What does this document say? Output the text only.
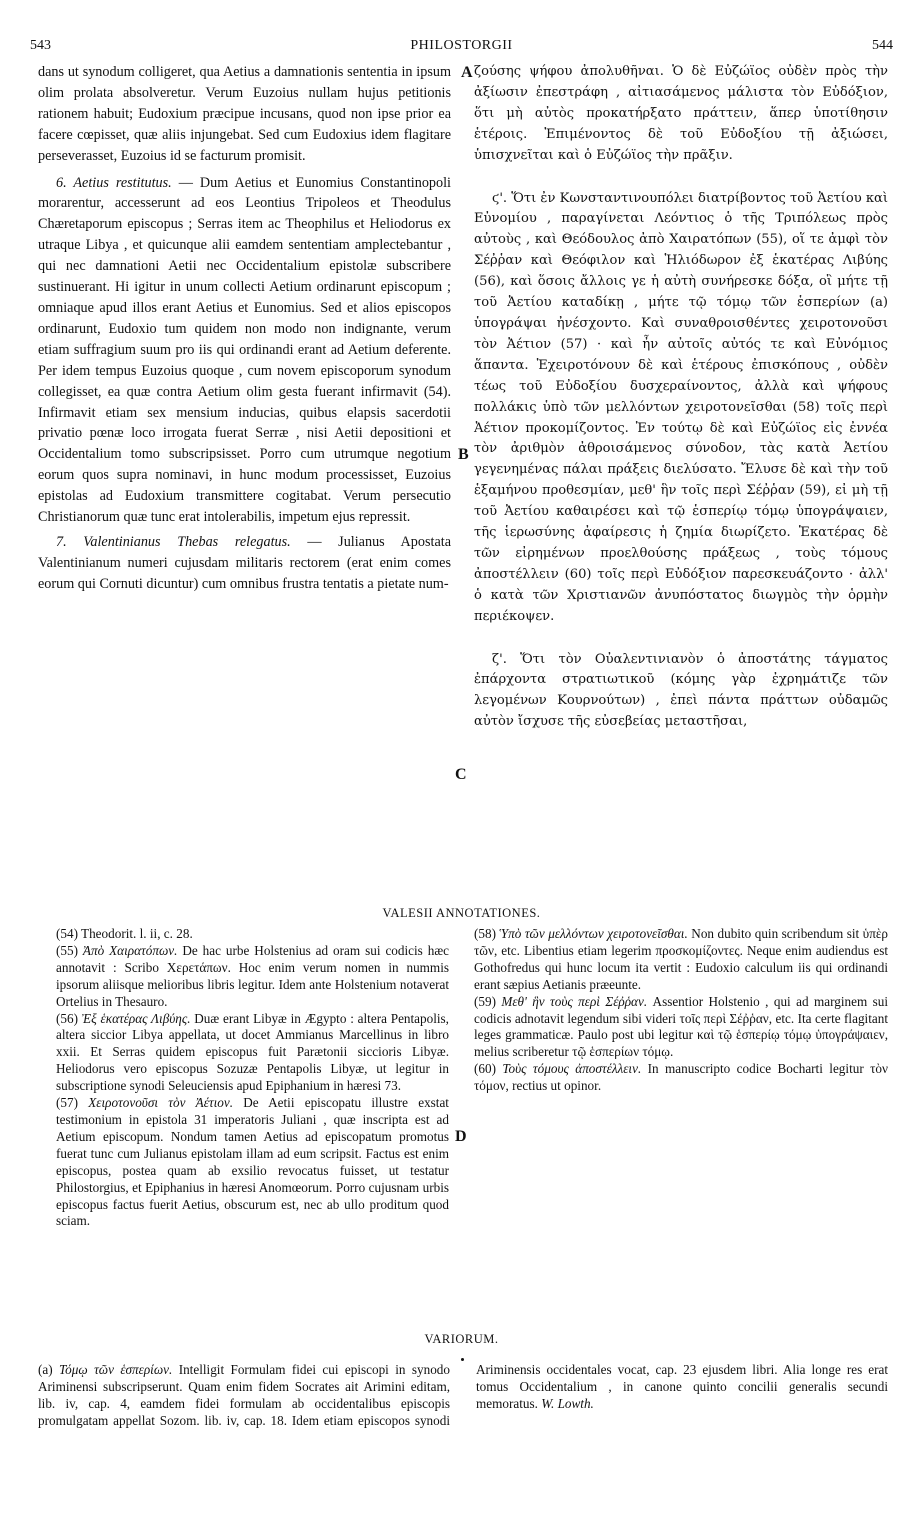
543	PHILOSTORGII	544
A
B
C
D

dans ut synodum colligeret, qua Aetius a damnationis sententia in ipsum olim prolata absolveretur. Verum Euzoius nullam hujus petitionis rationem habuit; Eudoxium præcipue incusans, quod non ipse prior ea facere cœpisset, quæ aliis injungebat. Sed cum Eudoxius idem flagitare perseverasset, Euzoius id se facturum promisit.

6. Aetius restitutus. — Dum Aetius et Eunomius Constantinopoli morarentur, accesserunt ad eos Leontius Tripoleos et Theodulus Chæretaporum episcopus ; Serras item ac Theophilus et Heliodorus ex utraque Libya , et quicunque alii eamdem sententiam amplectebantur , qui nec damnationi Aetii nec Occidentalium epistolæ subscribere sustinuerant. Hi igitur in unum collecti Aetium ordinarunt episcopum ; omniaque apud illos erant Aetius et Eunomius. Sed et alios episcopos ordinarunt, Eudoxio tum quidem non modo non indignante, verum etiam suffragium suum pro iis qui ordinandi erant ad Aetium deferente. Per idem tempus Euzoius quoque , cum novem episcoporum synodum collegisset, ea quæ contra Aetium olim gesta fuerant infirmavit (54). Infirmavit etiam sex mensium inducias, quibus elapsis sacerdotii privatio pœnæ loco irrogata fuerat Serræ , nisi Aetii depositioni et Occidentalium tomo subscripsisset. Porro cum utrumque negotium eorum quos supra nominavi, in hunc modum processisset, Euzoius epistolas ad Eudoxium transmittere cogitabat. Verum persecutio Christianorum quæ tunc erat intolerabilis, impetum ejus repressit.

7. Valentinianus Thebas relegatus. — Julianus Apostata Valentinianum numeri cujusdam militaris rectorem (erat enim comes eorum qui Cornuti dicuntur) cum omnibus frustra tentatis a pietate num-

ζούσης ψήφου ἀπολυθῆναι. Ὁ δὲ Εὐζώϊος οὐδὲν πρὸς τὴν ἀξίωσιν ἐπεστράφη , αἰτιασάμενος μάλιστα τὸν Εὐδόξιον, ὅτι μὴ αὐτὸς προκατήρξατο πράττειν, ἅπερ ὑποτίθησιν ἑτέροις. Ἐπιμένοντος δὲ τοῦ Εὐδοξίου τῇ ἀξιώσει, ὑπισχνεῖται καὶ ὁ Εὐζώϊος τὴν πρᾶξιν.

ϛ'. Ὅτι ἐν Κωνσταντινουπόλει διατρίβοντος τοῦ Ἀετίου καὶ Εὐνομίου , παραγίνεται Λεόντιος ὁ τῆς Τριπόλεως πρὸς αὐτοὺς , καὶ Θεόδουλος ἀπὸ Χαιρατόπων (55), οἵ τε ἀμφὶ τὸν Σέῤῥαν καὶ Θεόφιλον καὶ Ἡλιόδωρον ἐξ ἑκατέρας Λιβύης (56), καὶ ὅσοις ἄλλοις γε ἡ αὐτὴ συνήρεσκε δόξα, οἳ μήτε τῇ τοῦ Ἀετίου καταδίκῃ , μήτε τῷ τόμῳ τῶν ἑσπερίων (a) ὑπογράψαι ἠνέσχοντο. Καὶ συναθροισθέντες χειροτονοῦσι τὸν Ἀέτιον (57) · καὶ ἦν αὐτοῖς αὐτός τε καὶ Εὐνόμιος ἅπαντα. Ἐχειροτόνουν δὲ καὶ ἑτέρους ἐπισκόπους , οὐδὲν τέως τοῦ Εὐδοξίου δυσχεραίνοντος, ἀλλὰ καὶ ψήφους πολλάκις ὑπὸ τῶν μελλόντων χειροτονεῖσθαι (58) τοῖς περὶ Ἀέτιον προκομίζοντος. Ἐν τούτῳ δὲ καὶ Εὐζώϊος εἰς ἐννέα τὸν ἀριθμὸν ἀθροισάμενος σύνοδον, τὰς κατὰ Ἀετίου γεγενημένας πάλαι πράξεις διελύσατο. Ἔλυσε δὲ καὶ τὴν τοῦ ἑξαμήνου προθεσμίαν, μεθ' ἣν τοῖς περὶ Σέῤῥαν (59), εἰ μὴ τῇ τοῦ Ἀετίου καθαιρέσει καὶ τῷ ἑσπερίῳ τόμῳ ὑπογράψαιεν, τῆς ἱερωσύνης ἀφαίρεσις ἡ ζημία διωρίζετο. Ἑκατέρας δὲ τῶν εἰρημένων προελθούσης πράξεως , τοὺς τόμους ἀποστέλλειν (60) τοῖς περὶ Εὐδόξιον παρεσκευάζοντο · ἀλλ' ὁ κατὰ τῶν Χριστιανῶν ἀνυπόστατος διωγμὸς τὴν ὁρμὴν περιέκοψεν.

ζ'. Ὅτι τὸν Οὐαλεντινιανὸν ὁ ἀποστάτης τάγματος ἐπάρχοντα στρατιωτικοῦ (κόμης γὰρ ἐχρημάτιζε τῶν λεγομένων Κουρνούτων) , ἐπεὶ πάντα πράττων οὐδαμῶς αὐτὸν ἴσχυσε τῆς εὐσεβείας μεταστῆσαι,

VALESII ANNOTATIONES.

(54) Theodorit. l. ii, c. 28.

(55) Ἀπὸ Χαιρατόπων. De hac urbe Holstenius ad oram sui codicis hæc annotavit : Scribo Χερετάπων. Hoc enim verum nomen in nummis ipsorum aliisque melioribus libris legitur. Idem ante Holstenium notaverat Ortelius in Thesauro.

(56) Ἐξ ἑκατέρας Λιβύης. Duæ erant Libyæ in Ægypto : altera Pentapolis, altera siccior Libya appellata, ut docet Ammianus Marcellinus in libro xxii. Et Serras quidem episcopus fuit Parætonii siccioris Libyæ. Heliodorus vero episcopus Sozuzæ Pentapolis Libyæ, ut legitur in subscriptione synodi Seleuciensis apud Epiphanium in hæresi 73.

(57) Χειροτονοῦσι τὸν Ἀέτιον. De Aetii episcopatu illustre exstat testimonium in epistola 31 imperatoris Juliani , quæ inscripta est ad Aetium episcopum. Nondum tamen Aetius ad episcopatum promotus fuerat tunc cum Julianus epistolam illam ad eum scripsit. Factus est enim episcopus, postea quam ab exsilio revocatus fuisset, ut testatur Philostorgius, et Epiphanius in hæresi Anomœorum. Porro cujusnam urbis episcopus factus fuerit Aetius, obscurum est, nec ab ullo proditum quod sciam.

(58) Ὑπὸ τῶν μελλόντων χειροτονεῖσθαι. Non dubito quin scribendum sit ὑπὲρ τῶν, etc. Libentius etiam legerim προσκομίζοντες. Neque enim audiendus est Gothofredus qui hunc locum ita vertit : Eudoxio calculum iis qui ordinandi erant sæpius Aetianis præeunte.

(59) Μεθ' ἣν τοὺς περὶ Σέῤῥαν. Assentior Holstenio , qui ad marginem sui codicis adnotavit legendum sibi videri τοῖς περὶ Σέῤῥαν, etc. Ita certe flagitant leges grammaticæ. Paulo post ubi legitur καὶ τῷ ἑσπερίῳ τόμῳ ὑπογράψαιεν, melius scriberetur τῷ ἑσπερίων τόμῳ.

(60) Τοὺς τόμους ἀποστέλλειν. In manuscripto codice Bocharti legitur τὸν τόμον, rectius ut opinor.

VARIORUM.

(a) Τόμῳ τῶν ἑσπερίων. Intelligit Formulam fidei cui episcopi in synodo Ariminensi subscripserunt. Quam enim fidem Socrates ait Arimini editam, lib. iv, cap. 4, eamdem fidei formulam ab occidentalibus episcopis promulgatam appellat Sozom. lib. iv, cap. 18. Idem etiam episcopos synodi Ariminensis occidentales vocat, cap. 23 ejusdem libri. Alia longe res erat tomus Occidentalium , in canone quinto concilii generalis secundi memoratus. W. Lowth.
